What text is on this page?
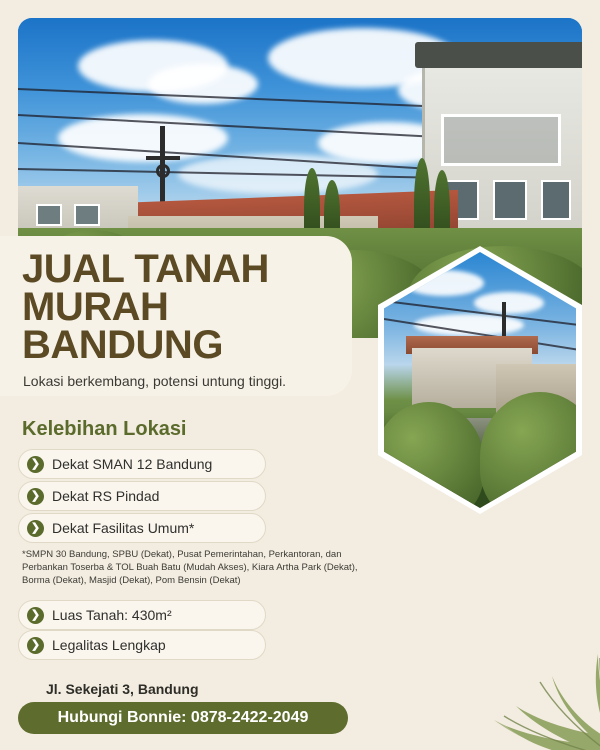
JUAL TANAH
MURAH
BANDUNG
Lokasi berkembang, potensi untung tinggi.
Kelebihan Lokasi
❯ Dekat SMAN 12 Bandung
❯ Dekat RS Pindad
❯ Dekat Fasilitas Umum*
*SMPN 30 Bandung, SPBU (Dekat), Pusat Pemerintahan, Perkantoran, dan Perbankan Toserba & TOL Buah Batu (Mudah Akses), Kiara Artha Park (Dekat), Borma (Dekat), Masjid (Dekat), Pom Bensin (Dekat)
❯ Luas Tanah: 430m²
❯ Legalitas Lengkap
Jl. Sekejati 3, Bandung
Hubungi Bonnie: 0878-2422-2049
